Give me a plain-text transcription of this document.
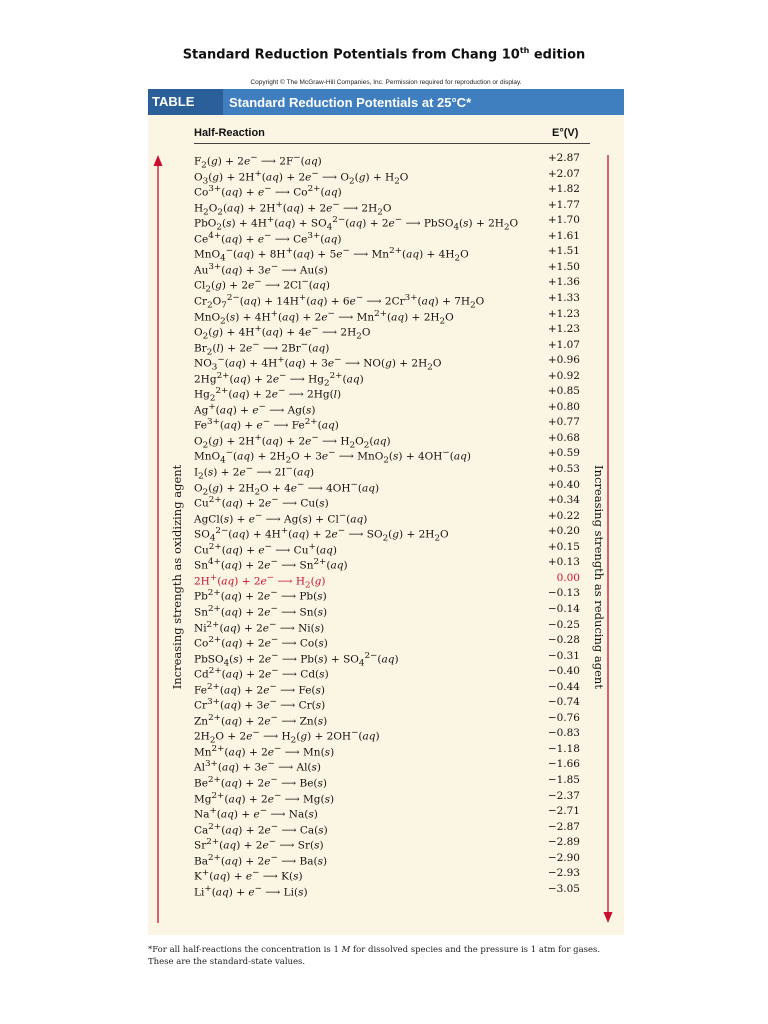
Standard Reduction Potentials from Chang 10th edition
Copyright © The McGraw-Hill Companies, Inc. Permission required for reproduction or display.
TABLE	Standard Reduction Potentials at 25°C*
Half-Reaction	E°(V)
Increasing strength as oxidizing agent	Increasing strength as reducing agent
$F_2(g) + 2e^-$ ⟶ 2F−(aq)	+2.87
$O_3(g) + 2H^+(aq) + 2e^-$ ⟶ $O_2(g) + H_2O$	+2.07
$Co^{3+}(aq) + e^-$ ⟶ $Co^{2+}(aq)$	+1.82
$H_2O_2(aq) + 2H^+(aq) + 2e^-$ ⟶ $2H_2O$	+1.77
$PbO_2(s) + 4H^+(aq) + SO_4^{2-}(aq) + 2e^-$ ⟶ PbSO$_4$(s) + $2H_2O$	+1.70
$Ce^{4+}(aq) + e^-$ ⟶ $Ce^{3+}(aq)$	+1.61
MnO$_4$−(aq) + 8H+(aq) + 5e− ⟶ $Mn^{2+}(aq) + 4H_2O$	+1.51
$Au^{3+}(aq) + 3e^-$ ⟶ Au(s)	+1.50
$Cl_2(g) + 2e^-$ ⟶ 2Cl−(aq)	+1.36
$Cr_2O_7^{2-}(aq) + 14H^+(aq) + 6e^-$ ⟶ $2Cr^{3+}(aq) + 7H_2O$	+1.33
MnO$_2$(s) + 4H+(aq) + 2e− ⟶ $Mn^{2+}(aq) + 2H_2O$	+1.23
$O_2(g) + 4H^+(aq) + 4e^-$ ⟶ $2H_2O$	+1.23
$Br_2(l) + 2e^-$ ⟶ 2Br−(aq)	+1.07
$NO_3^-(aq) + 4H^+(aq) + 3e^-$ ⟶ $NO(g) + 2H_2O$	+0.96
$2Hg^{2+}(aq) + 2e^-$ ⟶ $Hg_2^{2+}(aq)$	+0.92
$Hg_2^{2+}(aq) + 2e^-$ ⟶ 2Hg(l)	+0.85
Ag+(aq) + e− ⟶ Ag(s)	+0.80
$Fe^{3+}(aq) + e^-$ ⟶ $Fe^{2+}(aq)$	+0.77
$O_2(g) + 2H^+(aq) + 2e^-$ ⟶ $H_2O_2(aq)$	+0.68
$MnO_4^-(aq) + 2H_2O + 3e^-$ ⟶ MnO$_2$(s) + 4OH−(aq)	+0.59
$I_2(s) + 2e^-$ ⟶ 2I−(aq)	+0.53
$O_2(g) + 2H_2O + 4e^-$ ⟶ 4OH−(aq)	+0.40
$Cu^{2+}(aq) + 2e^-$ ⟶ Cu(s)	+0.34
AgCl(s) + e− ⟶ Ag(s) + Cl−(aq)	+0.22
$SO_4^{2-}(aq) + 4H^+(aq) + 2e^-$ ⟶ $SO_2(g) + 2H_2O$	+0.20
$Cu^{2+}(aq) + e^-$ ⟶ Cu+(aq)	+0.15
$Sn^{4+}(aq) + 2e^-$ ⟶ $Sn^{2+}(aq)$	+0.13
2H+(aq) + 2e− ⟶ $H_2(g)$	0.00
$Pb^{2+}(aq) + 2e^-$ ⟶ Pb(s)	−0.13
$Sn^{2+}(aq) + 2e^-$ ⟶ Sn(s)	−0.14
$Ni^{2+}(aq) + 2e^-$ ⟶ Ni(s)	−0.25
$Co^{2+}(aq) + 2e^-$ ⟶ Co(s)	−0.28
PbSO$_4$(s) + 2e− ⟶ $Pb(s) + SO_4^{2-}(aq)$	−0.31
$Cd^{2+}(aq) + 2e^-$ ⟶ Cd(s)	−0.40
$Fe^{2+}(aq) + 2e^-$ ⟶ Fe(s)	−0.44
$Cr^{3+}(aq) + 3e^-$ ⟶ Cr(s)	−0.74
$Zn^{2+}(aq) + 2e^-$ ⟶ Zn(s)	−0.76
$2H_2O + 2e^-$ ⟶ $H_2(g) + 2OH^-(aq)$	−0.83
$Mn^{2+}(aq) + 2e^-$ ⟶ Mn(s)	−1.18
$Al^{3+}(aq) + 3e^-$ ⟶ Al(s)	−1.66
$Be^{2+}(aq) + 2e^-$ ⟶ Be(s)	−1.85
$Mg^{2+}(aq) + 2e^-$ ⟶ Mg(s)	−2.37
Na+(aq) + e− ⟶ Na(s)	−2.71
$Ca^{2+}(aq) + 2e^-$ ⟶ Ca(s)	−2.87
$Sr^{2+}(aq) + 2e^-$ ⟶ Sr(s)	−2.89
$Ba^{2+}(aq) + 2e^-$ ⟶ Ba(s)	−2.90
K+(aq) + e− ⟶ K(s)	−2.93
Li+(aq) + e− ⟶ Li(s)	−3.05
*For all half-reactions the concentration is 1 M for dissolved species and the pressure is 1 atm for gases. These are the standard-state values.
